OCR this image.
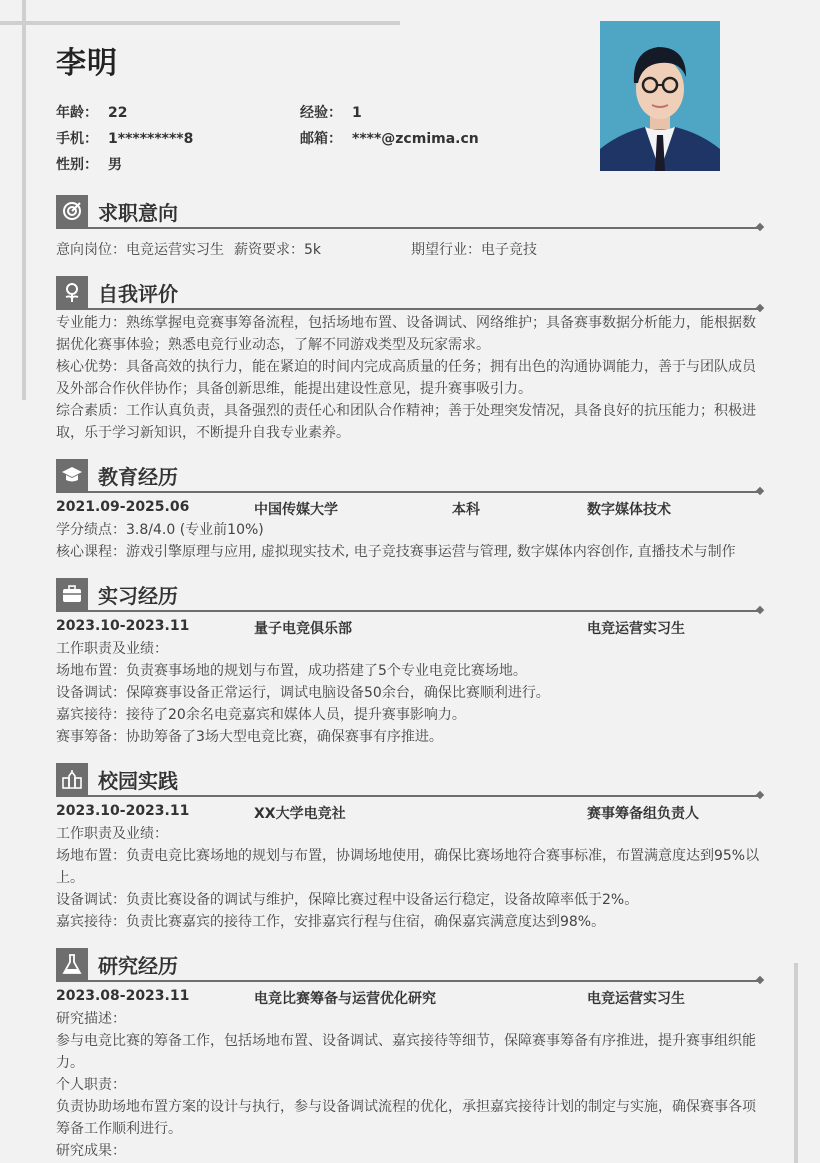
李明
年龄： 22	经验： 1
手机： 1*********8	邮箱： ****@zcmima.cn
性别： 男
求职意向
意向岗位：电竞运营实习生 薪资要求：5k	期望行业：电子竞技
自我评价
专业能力：熟练掌握电竞赛事筹备流程，包括场地布置、设备调试、网络维护；具备赛事数据分析能力，能根据数据优化赛事体验；熟悉电竞行业动态，了解不同游戏类型及玩家需求。
核心优势：具备高效的执行力，能在紧迫的时间内完成高质量的任务；拥有出色的沟通协调能力，善于与团队成员及外部合作伙伴协作；具备创新思维，能提出建设性意见，提升赛事吸引力。
综合素质：工作认真负责，具备强烈的责任心和团队合作精神；善于处理突发情况，具备良好的抗压能力；积极进取，乐于学习新知识，不断提升自我专业素养。
教育经历
2021.09-2025.06	中国传媒大学	本科	数字媒体技术
学分绩点：3.8/4.0 (专业前10%)
核心课程：游戏引擎原理与应用, 虚拟现实技术, 电子竞技赛事运营与管理, 数字媒体内容创作, 直播技术与制作
实习经历
2023.10-2023.11	量子电竞俱乐部	电竞运营实习生
工作职责及业绩：
场地布置：负责赛事场地的规划与布置，成功搭建了5个专业电竞比赛场地。
设备调试：保障赛事设备正常运行，调试电脑设备50余台，确保比赛顺利进行。
嘉宾接待：接待了20余名电竞嘉宾和媒体人员，提升赛事影响力。
赛事筹备：协助筹备了3场大型电竞比赛，确保赛事有序推进。
校园实践
2023.10-2023.11	XX大学电竞社	赛事筹备组负责人
工作职责及业绩：
场地布置：负责电竞比赛场地的规划与布置，协调场地使用，确保比赛场地符合赛事标准，布置满意度达到95%以上。
设备调试：负责比赛设备的调试与维护，保障比赛过程中设备运行稳定，设备故障率低于2%。
嘉宾接待：负责比赛嘉宾的接待工作，安排嘉宾行程与住宿，确保嘉宾满意度达到98%。
研究经历
2023.08-2023.11	电竞比赛筹备与运营优化研究	电竞运营实习生
研究描述：
参与电竞比赛的筹备工作，包括场地布置、设备调试、嘉宾接待等细节，保障赛事筹备有序推进，提升赛事组织能力。
个人职责：
负责协助场地布置方案的设计与执行，参与设备调试流程的优化，承担嘉宾接待计划的制定与实施，确保赛事各项筹备工作顺利进行。
研究成果：
